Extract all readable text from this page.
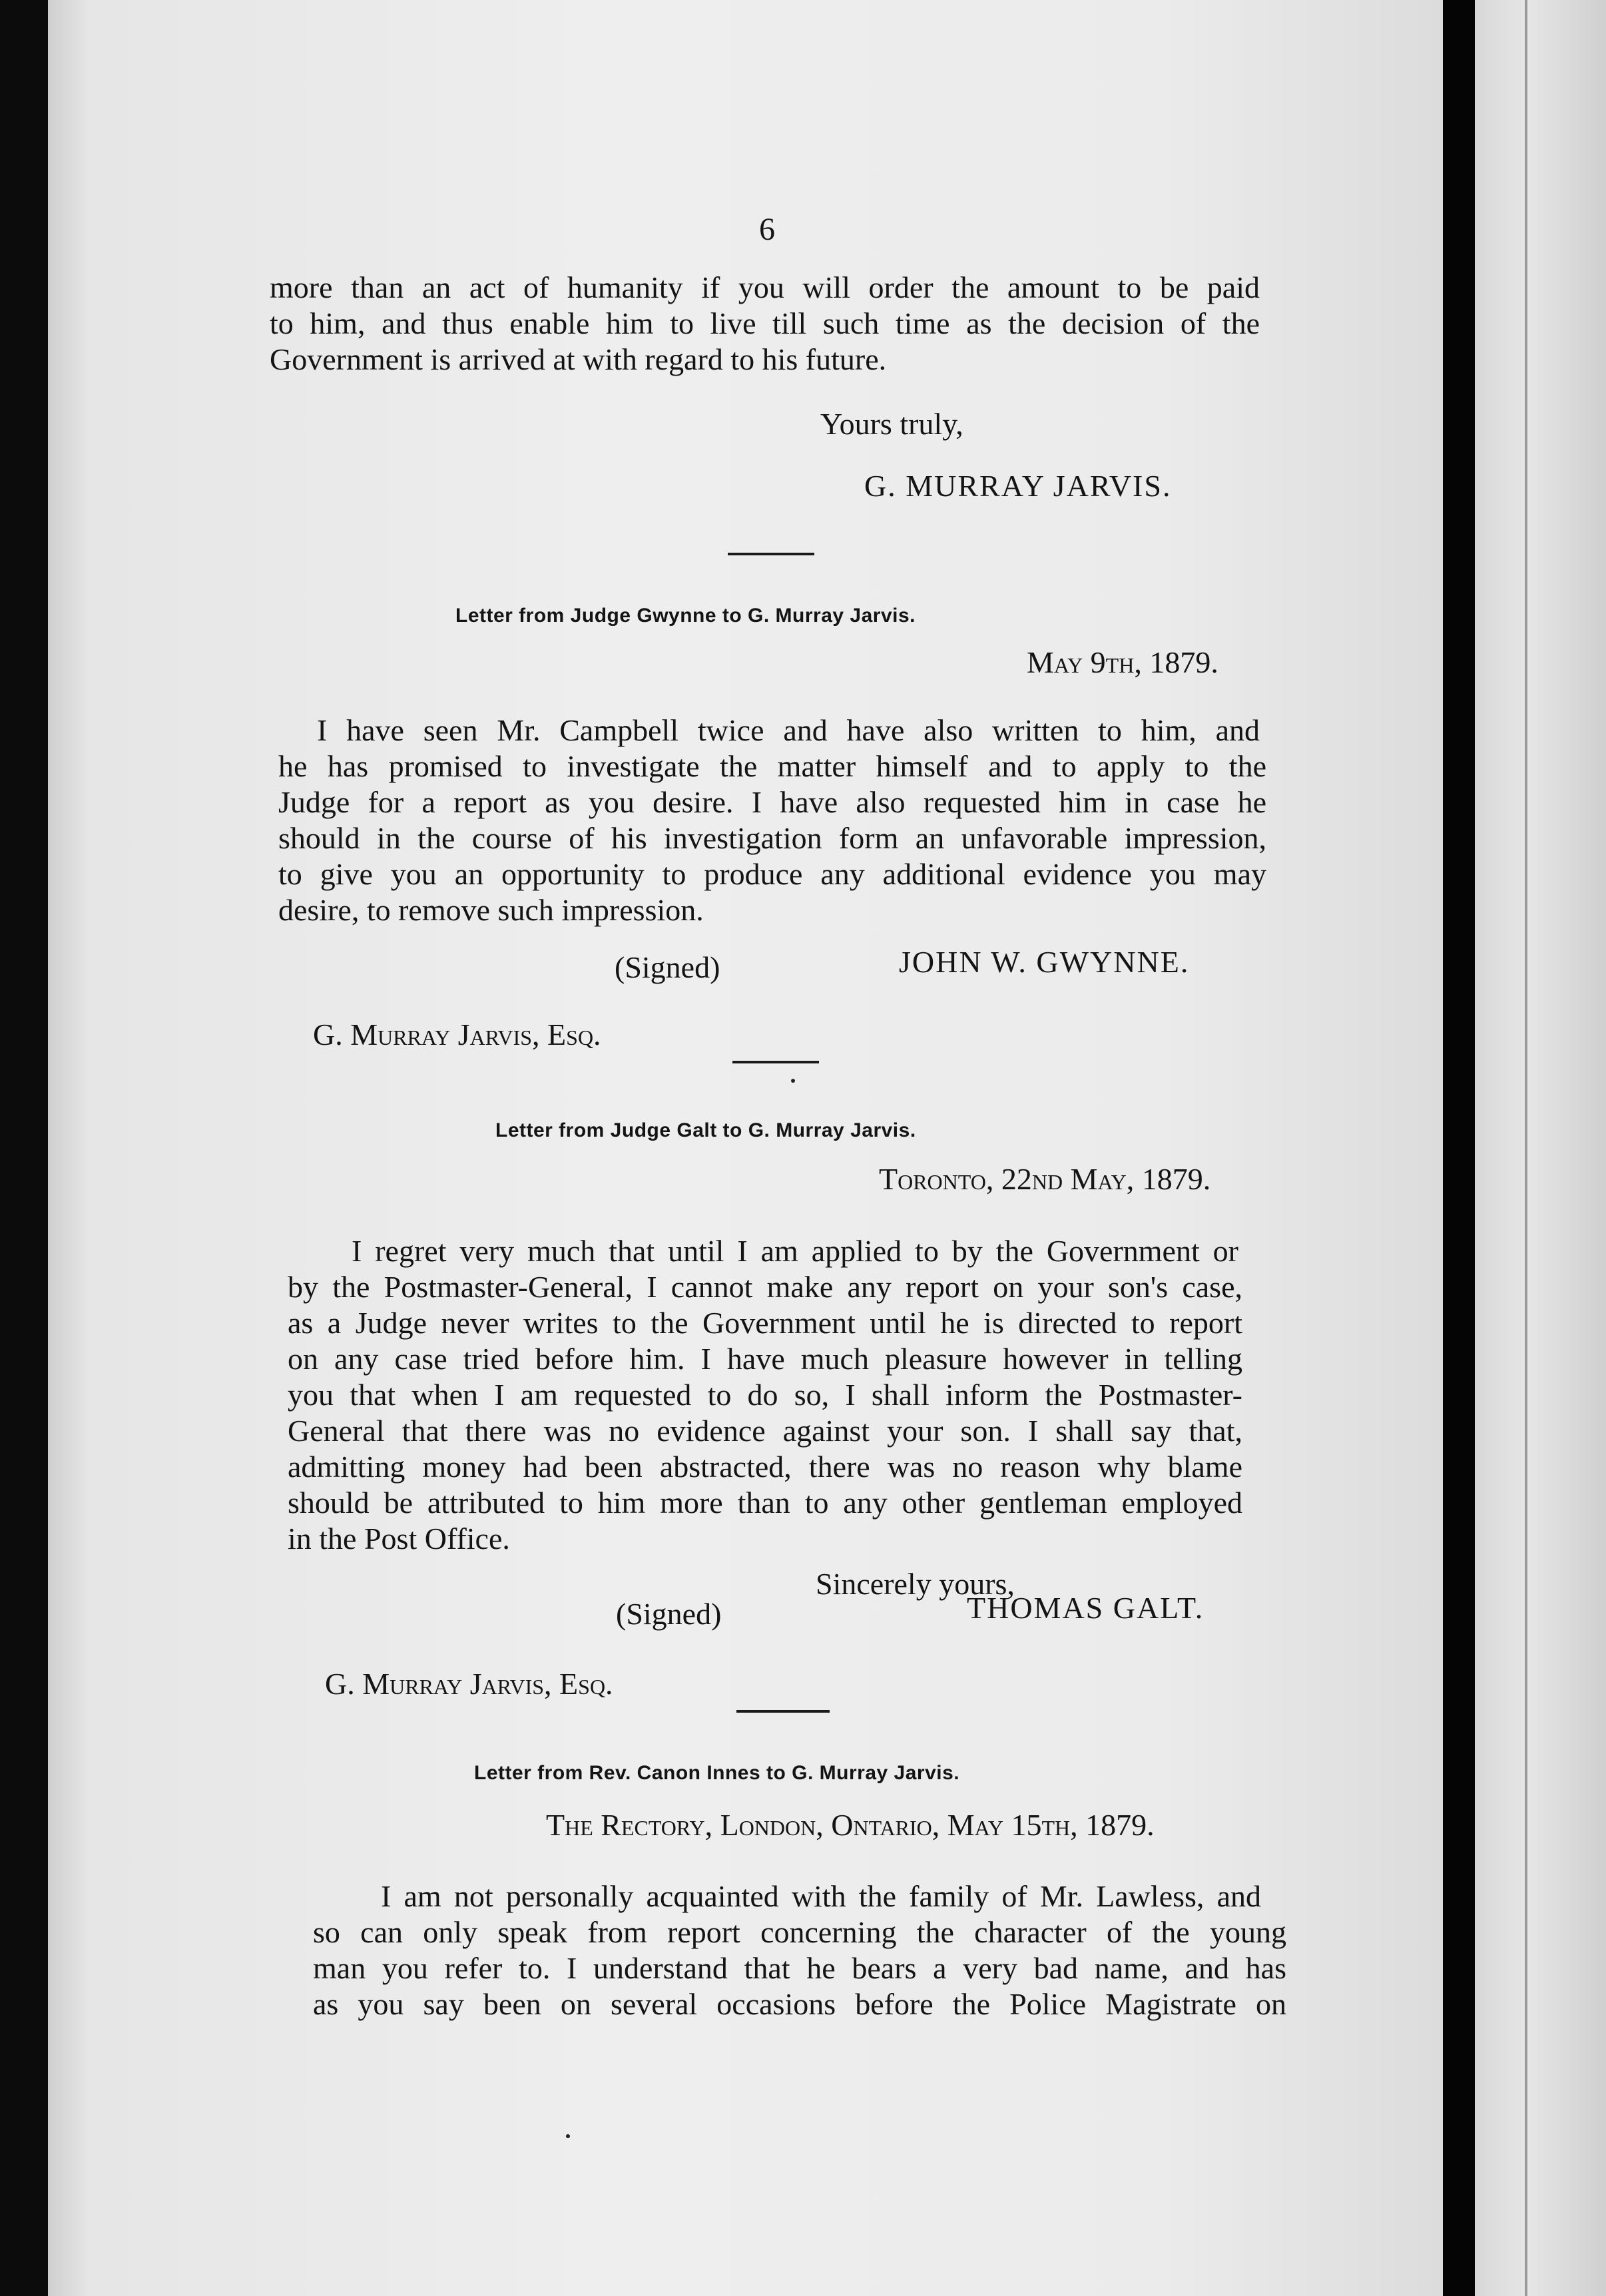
6
more than an act of humanity if you will order the amount to be paid
to him, and thus enable him to live till such time as the decision of the
Government is arrived at with regard to his future.
Yours truly,
G. MURRAY JARVIS.
Letter from Judge Gwynne to G. Murray Jarvis.
May 9th, 1879.
I have seen Mr. Campbell twice and have also written to him, and
he has promised to investigate the matter himself and to apply to the
Judge for a report as you desire. I have also requested him in case he
should in the course of his investigation form an unfavorable impression,
to give you an opportunity to produce any additional evidence you may
desire, to remove such impression.
(Signed)	JOHN W. GWYNNE.
G. Murray Jarvis, Esq.
Letter from Judge Galt to G. Murray Jarvis.
Toronto, 22nd May, 1879.
I regret very much that until I am applied to by the Government or
by the Postmaster-General, I cannot make any report on your son's case,
as a Judge never writes to the Government until he is directed to report
on any case tried before him. I have much pleasure however in telling
you that when I am requested to do so, I shall inform the Postmaster-
General that there was no evidence against your son. I shall say that,
admitting money had been abstracted, there was no reason why blame
should be attributed to him more than to any other gentleman employed
in the Post Office.
Sincerely yours,
(Signed)	THOMAS GALT.
G. Murray Jarvis, Esq.
Letter from Rev. Canon Innes to G. Murray Jarvis.
The Rectory, London, Ontario, May 15th, 1879.
I am not personally acquainted with the family of Mr. Lawless, and
so can only speak from report concerning the character of the young
man you refer to. I understand that he bears a very bad name, and has
as you say been on several occasions before the Police Magistrate on
